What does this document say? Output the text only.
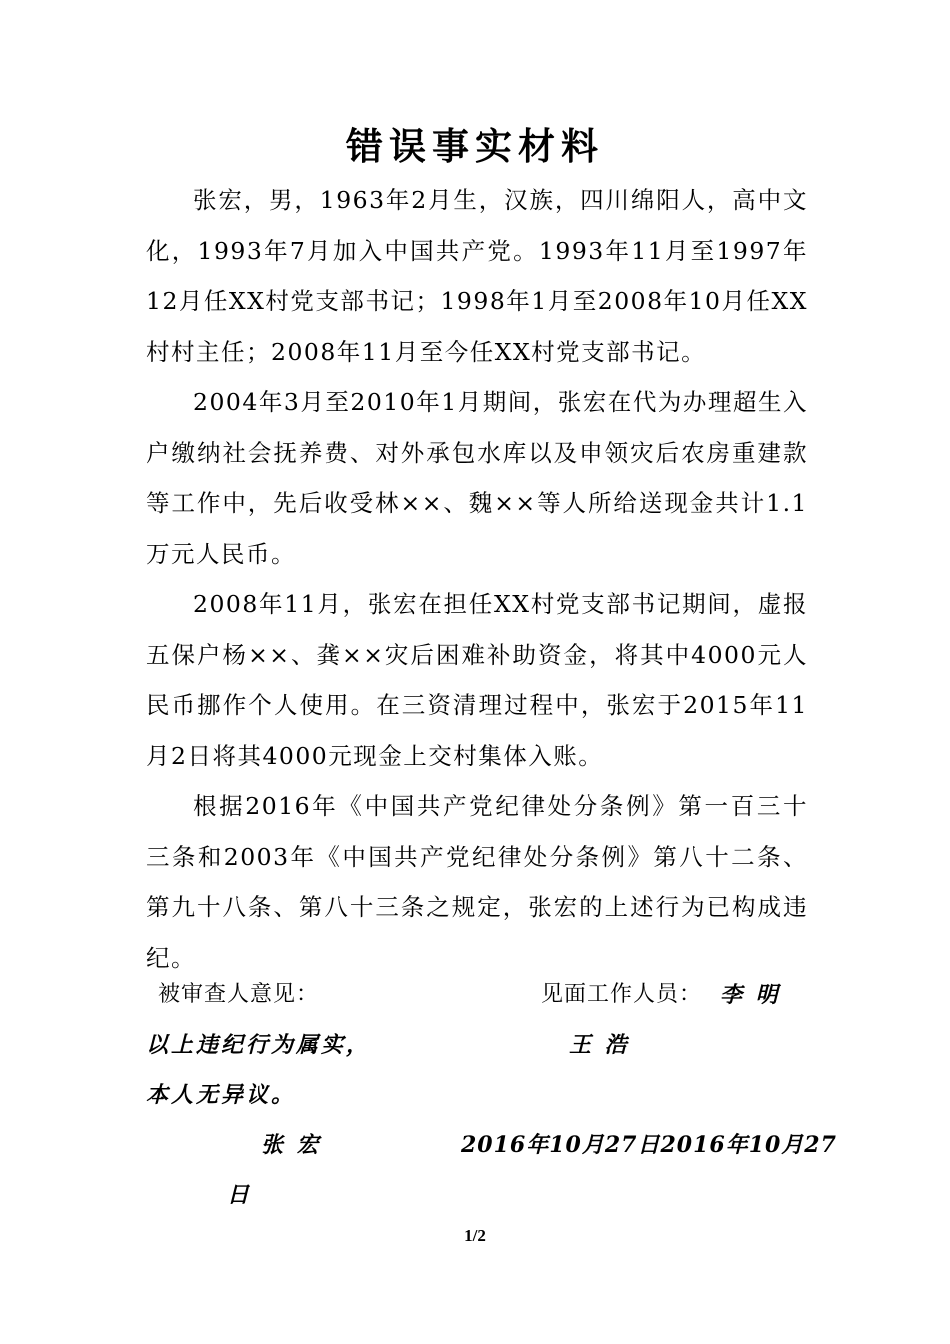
错误事实材料

张宏，男，1963年2月生，汉族，四川绵阳人，高中文化，1993年7月加入中国共产党。1993年11月至1997年12月任XX村党支部书记；1998年1月至2008年10月任XX村村主任；2008年11月至今任XX村党支部书记。

2004年3月至2010年1月期间，张宏在代为办理超生入户缴纳社会抚养费、对外承包水库以及申领灾后农房重建款等工作中，先后收受林××、魏××等人所给送现金共计1.1万元人民币。

2008年11月，张宏在担任XX村党支部书记期间，虚报五保户杨××、龚××灾后困难补助资金，将其中4000元人民币挪作个人使用。在三资清理过程中，张宏于2015年11月2日将其4000元现金上交村集体入账。

根据2016年《中国共产党纪律处分条例》第一百三十三条和2003年《中国共产党纪律处分条例》第八十二条、第九十八条、第八十三条之规定，张宏的上述行为已构成违纪。

被审查人意见：	见面工作人员： 李 明
以上违纪行为属实，	王 浩
本人无异议。
张 宏	2016年10月27日2016年10月27
日
1/2
